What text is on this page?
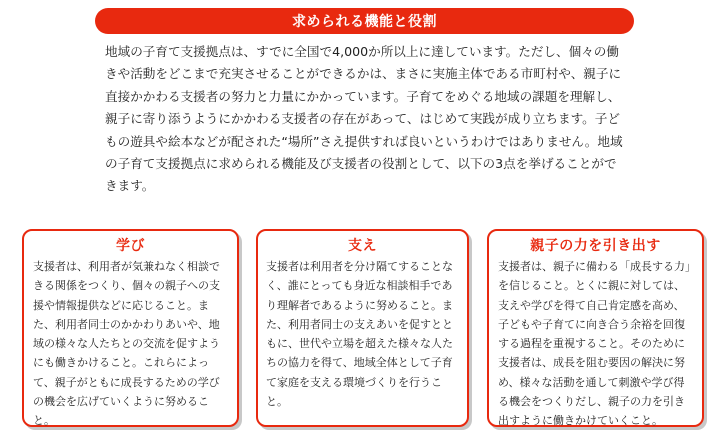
求められる機能と役割

地域の子育て支援拠点は、すでに全国で4,000か所以上に達しています。ただし、個々の働きや活動をどこまで充実させることができるかは、まさに実施主体である市町村や、親子に直接かかわる支援者の努力と力量にかかっています。子育てをめぐる地域の課題を理解し、親子に寄り添うようにかかわる支援者の存在があって、はじめて実践が成り立ちます。子どもの遊具や絵本などが配された“場所”さえ提供すれば良いというわけではありません。地域の子育て支援拠点に求められる機能及び支援者の役割として、以下の3点を挙げることができます。

学び
支援者は、利用者が気兼ねなく相談できる関係をつくり、個々の親子への支援や情報提供などに応じること。また、利用者同士のかかわりあいや、地域の様々な人たちとの交流を促すようにも働きかけること。これらによって、親子がともに成長するための学びの機会を広げていくように努めること。
支え
支援者は利用者を分け隔てすることなく、誰にとっても身近な相談相手であり理解者であるように努めること。また、利用者同士の支えあいを促すとともに、世代や立場を超えた様々な人たちの協力を得て、地域全体として子育て家庭を支える環境づくりを行うこと。
親子の力を引き出す
支援者は、親子に備わる「成長する力」を信じること。とくに親に対しては、支えや学びを得て自己肯定感を高め、子どもや子育てに向き合う余裕を回復する過程を重視すること。そのために支援者は、成長を阻む要因の解決に努め、様々な活動を通して刺激や学び得る機会をつくりだし、親子の力を引き出すように働きかけていくこと。
